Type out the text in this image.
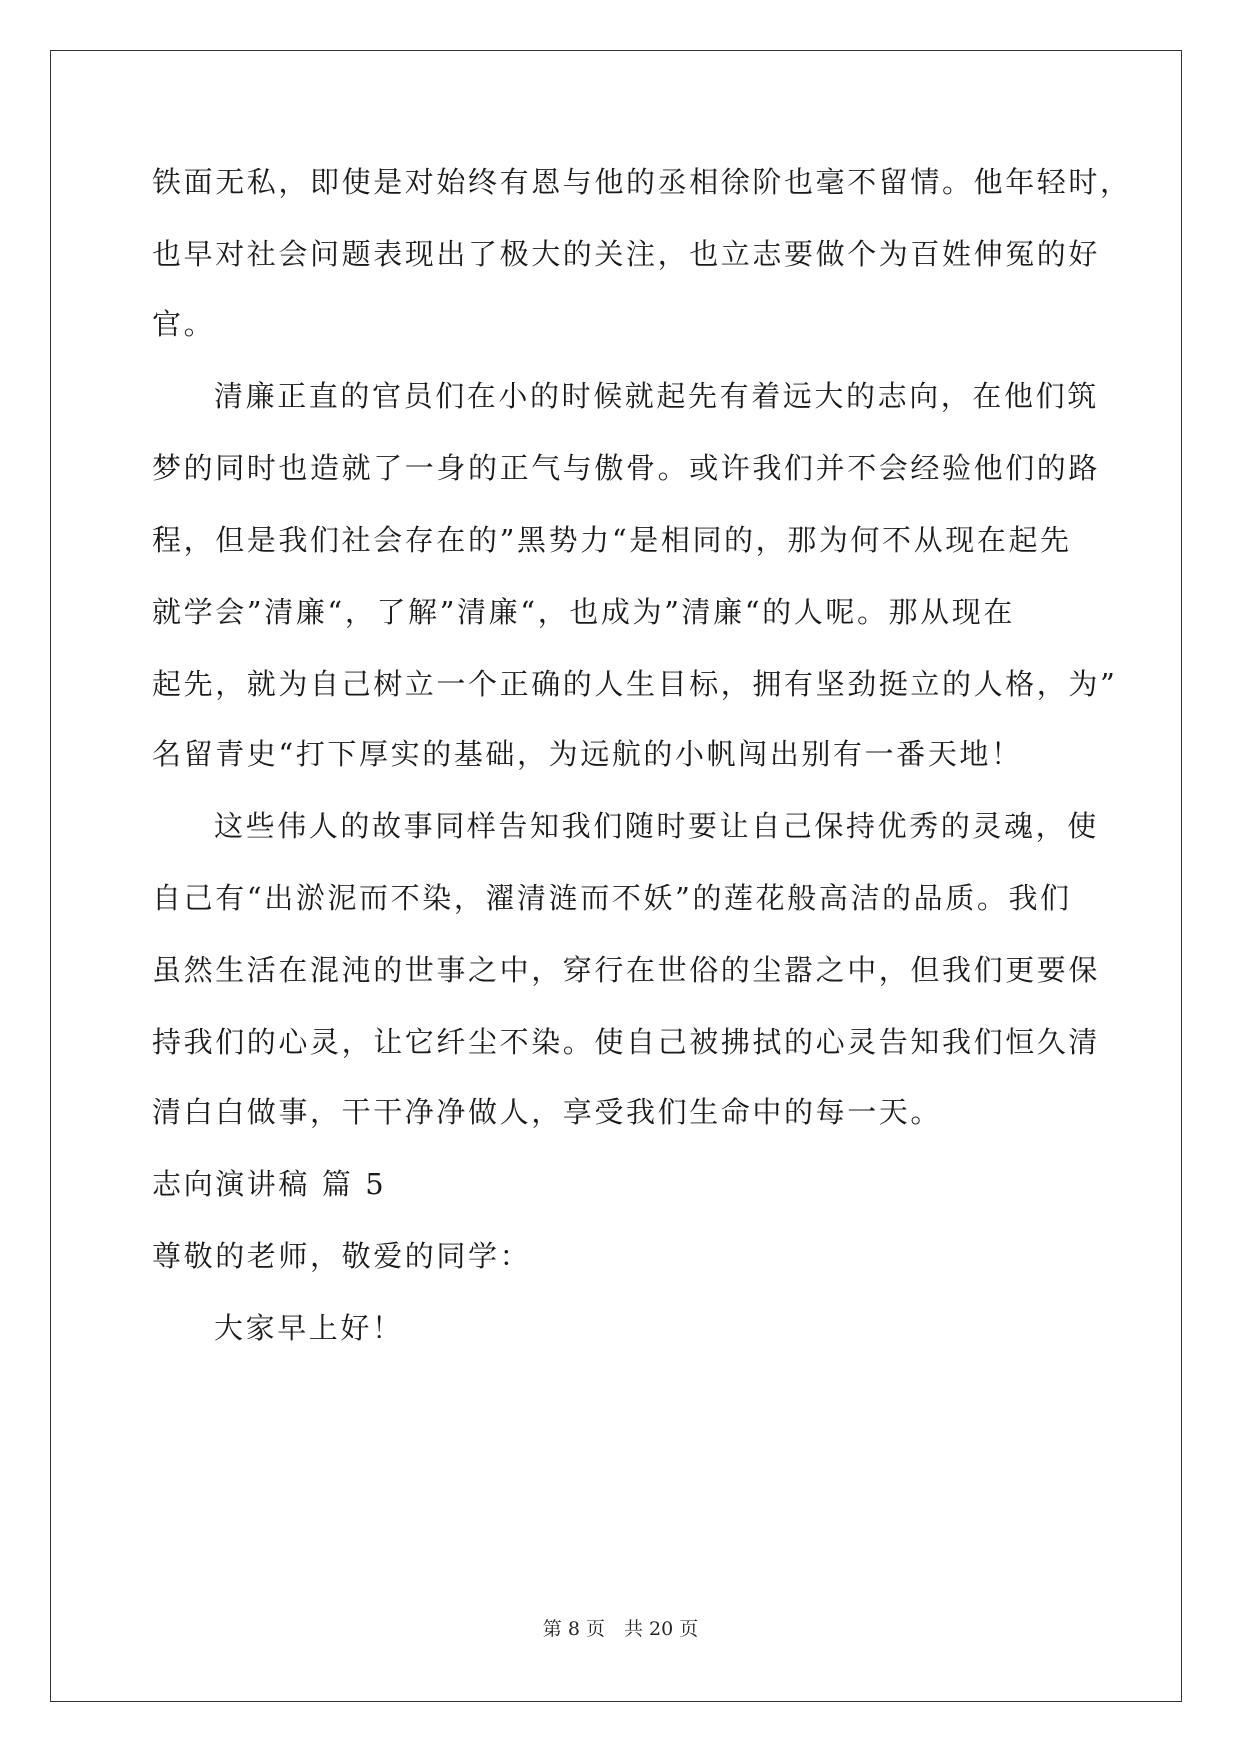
铁面无私，即使是对始终有恩与他的丞相徐阶也毫不留情。他年轻时，
也早对社会问题表现出了极大的关注，也立志要做个为百姓伸冤的好
官。
清廉正直的官员们在小的时候就起先有着远大的志向，在他们筑
梦的同时也造就了一身的正气与傲骨。或许我们并不会经验他们的路
程，但是我们社会存在的”黑势力“是相同的，那为何不从现在起先
就学会”清廉“，了解”清廉“，也成为”清廉“的人呢。那从现在
起先，就为自己树立一个正确的人生目标，拥有坚劲挺立的人格，为”
名留青史“打下厚实的基础，为远航的小帆闯出别有一番天地！
这些伟人的故事同样告知我们随时要让自己保持优秀的灵魂，使
自己有“出淤泥而不染，濯清涟而不妖”的莲花般高洁的品质。我们
虽然生活在混沌的世事之中，穿行在世俗的尘嚣之中，但我们更要保
持我们的心灵，让它纤尘不染。使自己被拂拭的心灵告知我们恒久清
清白白做事，干干净净做人，享受我们生命中的每一天。
志向演讲稿 篇 5
尊敬的老师，敬爱的同学：
大家早上好！
第 8 页　共 20 页
